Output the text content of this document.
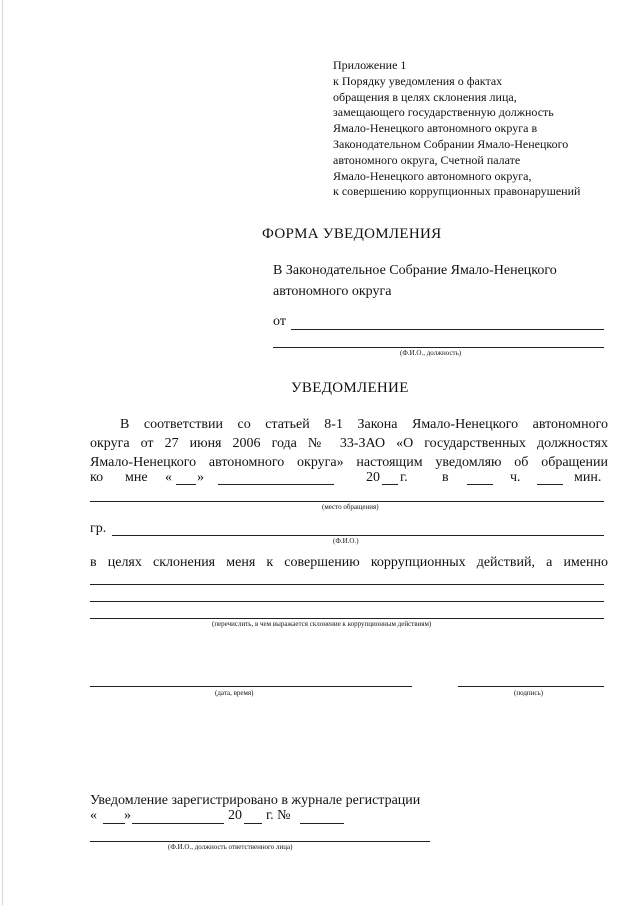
Приложение 1
к Порядку уведомления о фактах
обращения в целях склонения лица,
замещающего государственную должность
Ямало-Ненецкого автономного округа в
Законодательном Собрании Ямало-Ненецкого
автономного округа, Счетной палате
Ямало-Ненецкого автономного округа,
к совершению коррупционных правонарушений
ФОРМА УВЕДОМЛЕНИЯ
В Законодательное Собрание Ямало-Ненецкого
автономного округа
от
(Ф.И.О., должность)
УВЕДОМЛЕНИЕ
В соответствии со статьей 8-1 Закона Ямало-Ненецкого автономного
округа от 27 июня 2006 года № 33-ЗАО «О государственных должностях
Ямало-Ненецкого автономного округа» настоящим уведомляю об обращении
ко мне « »	20 г. в	ч.	мин.
(место обращения)
гр.
(Ф.И.О.)
в целях склонения меня к совершению коррупционных действий, а именно
(перечислить, в чем выражается склонение к коррупционным действиям)
(дата, время)	(подпись)
Уведомление зарегистрировано в журнале регистрации
« »	20 г. №
(Ф.И.О., должность ответственного лица)
